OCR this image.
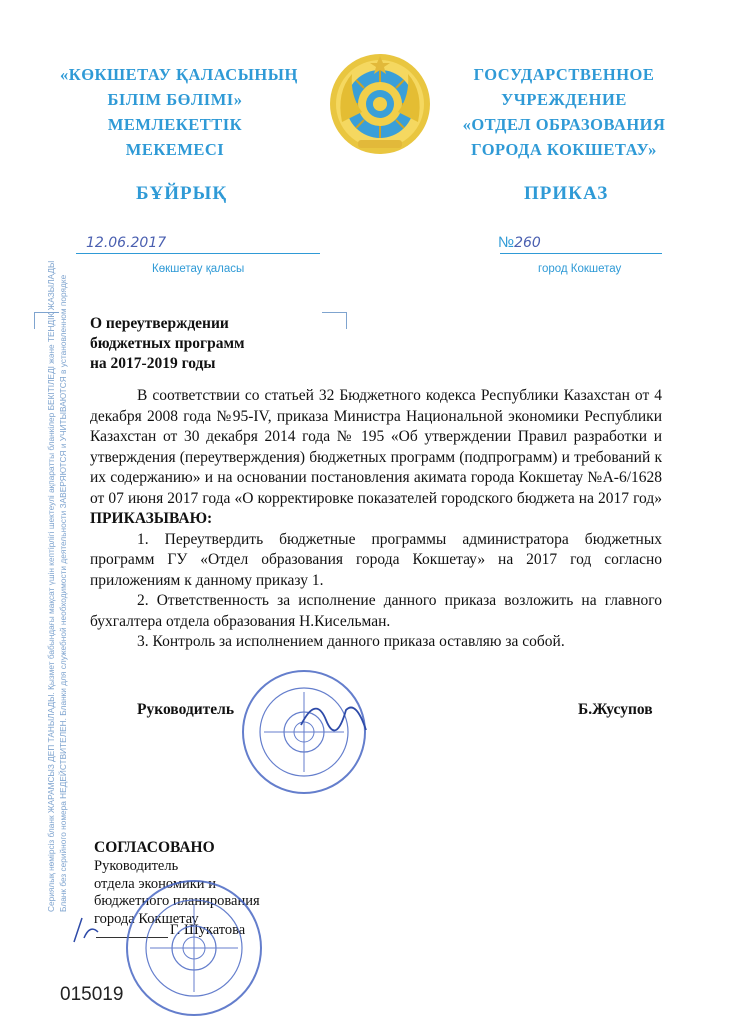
«КӨКШЕТАУ ҚАЛАСЫНЫҢ
БІЛІМ БӨЛІМІ»
МЕМЛЕКЕТТІК
МЕКЕМЕСІ
ГОСУДАРСТВЕННОЕ
УЧРЕЖДЕНИЕ
«ОТДЕЛ ОБРАЗОВАНИЯ
ГОРОДА КОКШЕТАУ»
БҰЙРЫҚ	ПРИКАЗ
12.06.2017
Көкшетау қаласы
№260
город Кокшетау
О переутверждении
бюджетных программ
на 2017-2019 годы

В соответствии со статьей 32 Бюджетного кодекса Республики Казахстан от 4 декабря 2008 года №95-IV, приказа Министра Национальной экономики Республики Казахстан от 30 декабря 2014 года № 195 «Об утверждении Правил разработки и утверждения (переутверждения) бюджетных программ (подпрограмм) и требований к их содержанию» и на основании постановления акимата города Кокшетау №А-6/1628 от 07 июня 2017 года «О корректировке показателей городского бюджета на 2017 год»

ПРИКАЗЫВАЮ:

1. Переутвердить бюджетные программы администратора бюджетных программ ГУ «Отдел образования города Кокшетау» на 2017 год согласно приложениям к данному приказу 1.

2. Ответственность за исполнение данного приказа возложить на главного бухгалтера отдела образования Н.Кисельман.

3. Контроль за исполнением данного приказа оставляю за собой.

Руководитель	Б.Жусупов
Сериялық нөмірсіз бланк ЖАРАМСЫЗ ДЕП ТАНЫЛАДЫ. Қызмет бабындағы мақсат үшін кептірлігі шектеулі ақпаратты бланкілер БЕКІТІЛЕДІ және ТЕНДІК ЖАЗЫЛАДЫ Бланк без серийного номера НЕДЕЙСТВИТЕЛЕН. Бланки для служебной необходимости деятельности ЗАВЕРЯЮТСЯ и УЧИТЫВАЮТСЯ в установленном порядке СОГЛАСОВАНО

Руководитель

отдела экономики и

бюджетного планирования

города Кокшетау

Г. Шукатова
015019
